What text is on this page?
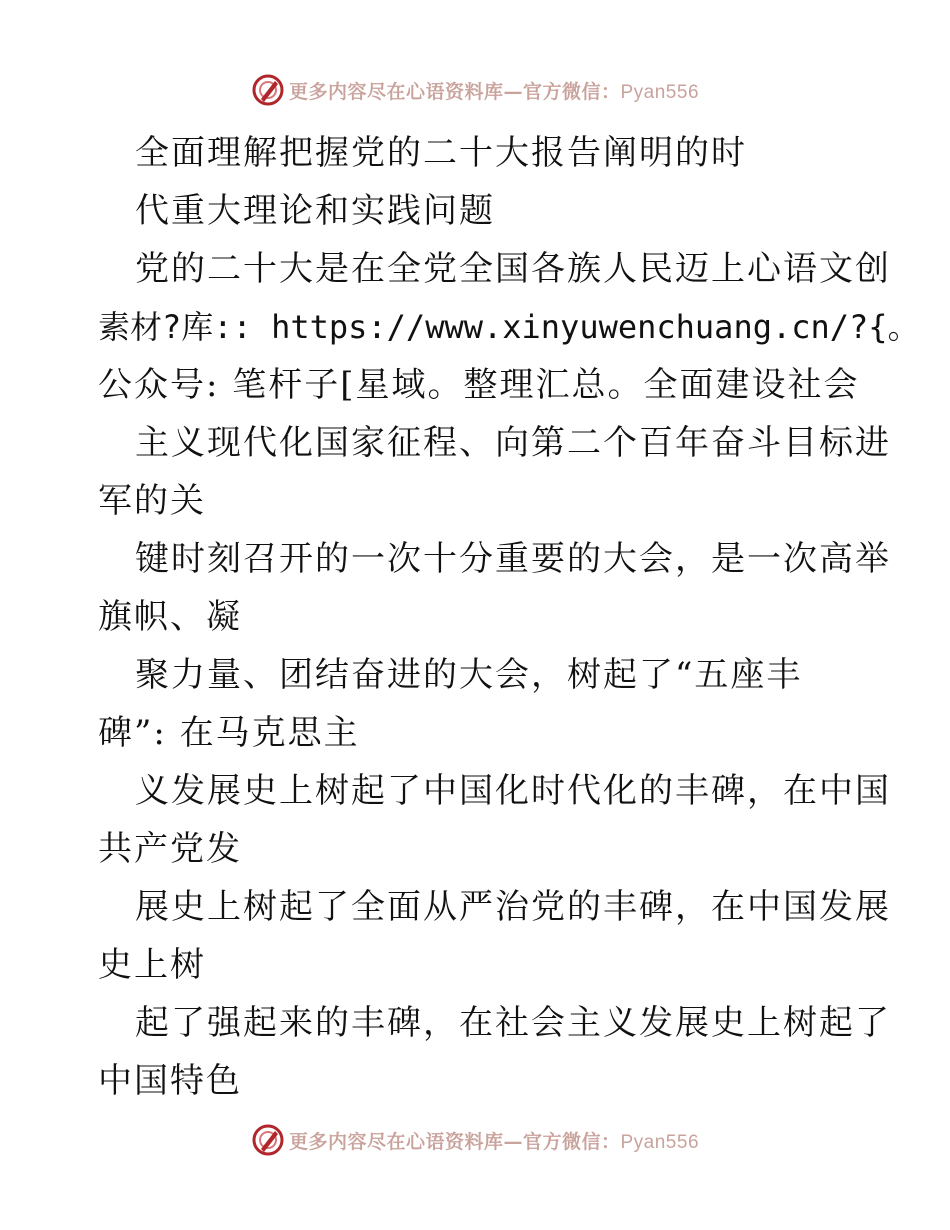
更多内容尽在心语资料库—官方微信：Pyan556
全面理解把握党的二十大报告阐明的时
代重大理论和实践问题
党的二十大是在全党全国各族人民迈上心语文创
素材?库:: https://www.xinyuwenchuang.cn/?{。
公众号: 笔杆子[星域。整理汇总。全面建设社会
主义现代化国家征程、向第二个百年奋斗目标进
军的关
键时刻召开的一次十分重要的大会，是一次高举
旗帜、凝
聚力量、团结奋进的大会，树起了“五座丰
碑”: 在马克思主
义发展史上树起了中国化时代化的丰碑，在中国
共产党发
展史上树起了全面从严治党的丰碑，在中国发展
史上树
起了强起来的丰碑，在社会主义发展史上树起了
中国特色
更多内容尽在心语资料库—官方微信：Pyan556
